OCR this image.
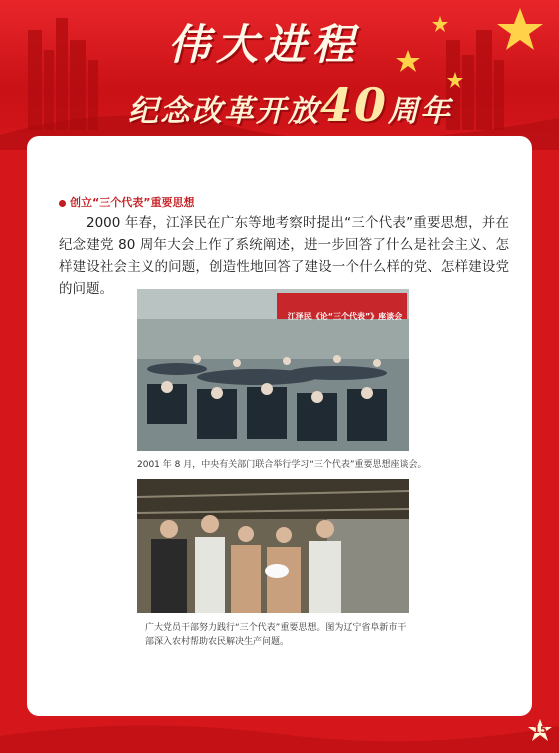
伟大进程
纪念改革开放40周年
创立“三个代表”重要思想
2000 年春，江泽民在广东等地考察时提出“三个代表”重要思想，并在纪念建党 80 周年大会上作了系统阐述，进一步回答了什么是社会主义、怎样建设社会主义的问题，创造性地回答了建设一个什么样的党、怎样建设党的问题。
江泽民《论“三个代表”》座谈会
2001 年 8 月，中央有关部门联合举行学习“三个代表”重要思想座谈会。
广大党员干部努力践行“三个代表”重要思想。图为辽宁省阜新市干部深入农村帮助农民解决生产问题。
15
